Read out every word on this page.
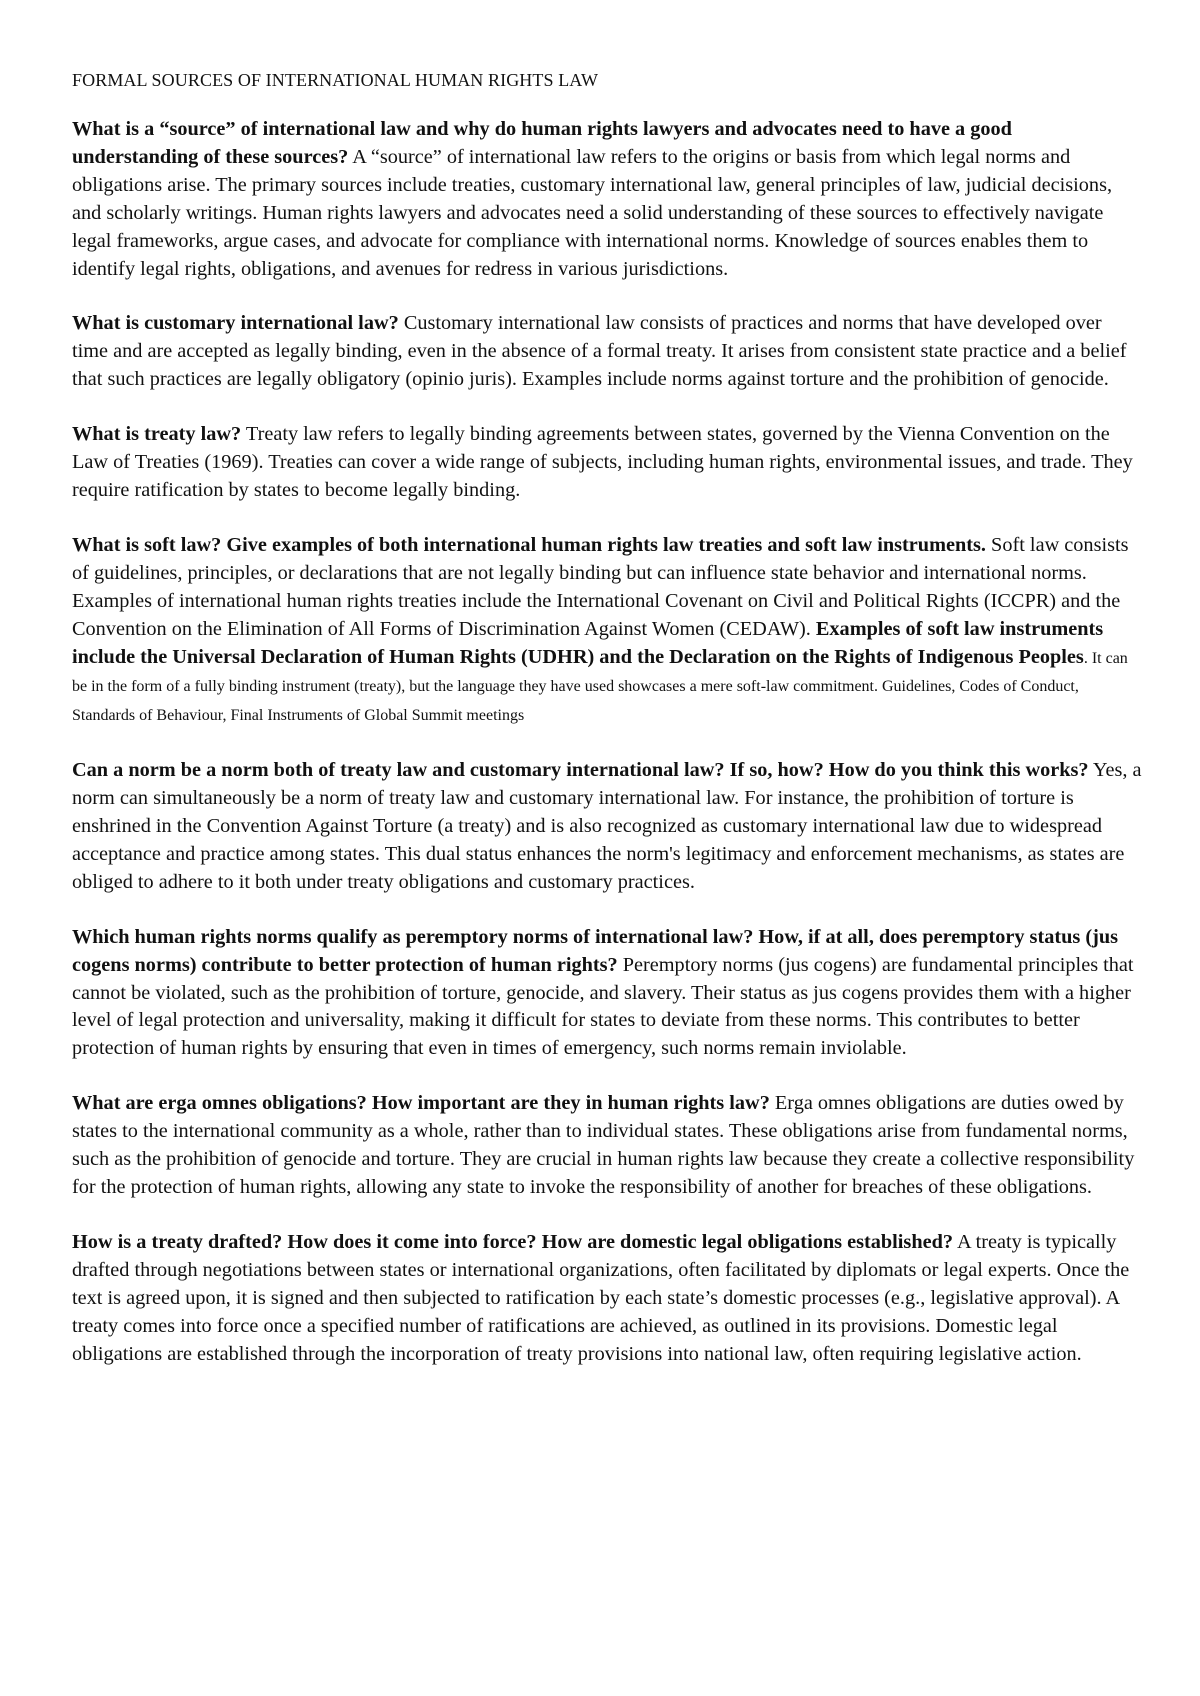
FORMAL SOURCES OF INTERNATIONAL HUMAN RIGHTS LAW

What is a “source” of international law and why do human rights lawyers and advocates need to have a good understanding of these sources? A “source” of international law refers to the origins or basis from which legal norms and obligations arise. The primary sources include treaties, customary international law, general principles of law, judicial decisions, and scholarly writings. Human rights lawyers and advocates need a solid understanding of these sources to effectively navigate legal frameworks, argue cases, and advocate for compliance with international norms. Knowledge of sources enables them to identify legal rights, obligations, and avenues for redress in various jurisdictions.

What is customary international law? Customary international law consists of practices and norms that have developed over time and are accepted as legally binding, even in the absence of a formal treaty. It arises from consistent state practice and a belief that such practices are legally obligatory (opinio juris). Examples include norms against torture and the prohibition of genocide.

What is treaty law? Treaty law refers to legally binding agreements between states, governed by the Vienna Convention on the Law of Treaties (1969). Treaties can cover a wide range of subjects, including human rights, environmental issues, and trade. They require ratification by states to become legally binding.

What is soft law? Give examples of both international human rights law treaties and soft law instruments. Soft law consists of guidelines, principles, or declarations that are not legally binding but can influence state behavior and international norms. Examples of international human rights treaties include the International Covenant on Civil and Political Rights (ICCPR) and the Convention on the Elimination of All Forms of Discrimination Against Women (CEDAW). Examples of soft law instruments include the Universal Declaration of Human Rights (UDHR) and the Declaration on the Rights of Indigenous Peoples. It can be in the form of a fully binding instrument (treaty), but the language they have used showcases a mere soft-law commitment. Guidelines, Codes of Conduct, Standards of Behaviour, Final Instruments of Global Summit meetings

Can a norm be a norm both of treaty law and customary international law? If so, how? How do you think this works? Yes, a norm can simultaneously be a norm of treaty law and customary international law. For instance, the prohibition of torture is enshrined in the Convention Against Torture (a treaty) and is also recognized as customary international law due to widespread acceptance and practice among states. This dual status enhances the norm's legitimacy and enforcement mechanisms, as states are obliged to adhere to it both under treaty obligations and customary practices.

Which human rights norms qualify as peremptory norms of international law? How, if at all, does peremptory status (jus cogens norms) contribute to better protection of human rights? Peremptory norms (jus cogens) are fundamental principles that cannot be violated, such as the prohibition of torture, genocide, and slavery. Their status as jus cogens provides them with a higher level of legal protection and universality, making it difficult for states to deviate from these norms. This contributes to better protection of human rights by ensuring that even in times of emergency, such norms remain inviolable.

What are erga omnes obligations? How important are they in human rights law? Erga omnes obligations are duties owed by states to the international community as a whole, rather than to individual states. These obligations arise from fundamental norms, such as the prohibition of genocide and torture. They are crucial in human rights law because they create a collective responsibility for the protection of human rights, allowing any state to invoke the responsibility of another for breaches of these obligations.

How is a treaty drafted? How does it come into force? How are domestic legal obligations established? A treaty is typically drafted through negotiations between states or international organizations, often facilitated by diplomats or legal experts. Once the text is agreed upon, it is signed and then subjected to ratification by each state’s domestic processes (e.g., legislative approval). A treaty comes into force once a specified number of ratifications are achieved, as outlined in its provisions. Domestic legal obligations are established through the incorporation of treaty provisions into national law, often requiring legislative action.
